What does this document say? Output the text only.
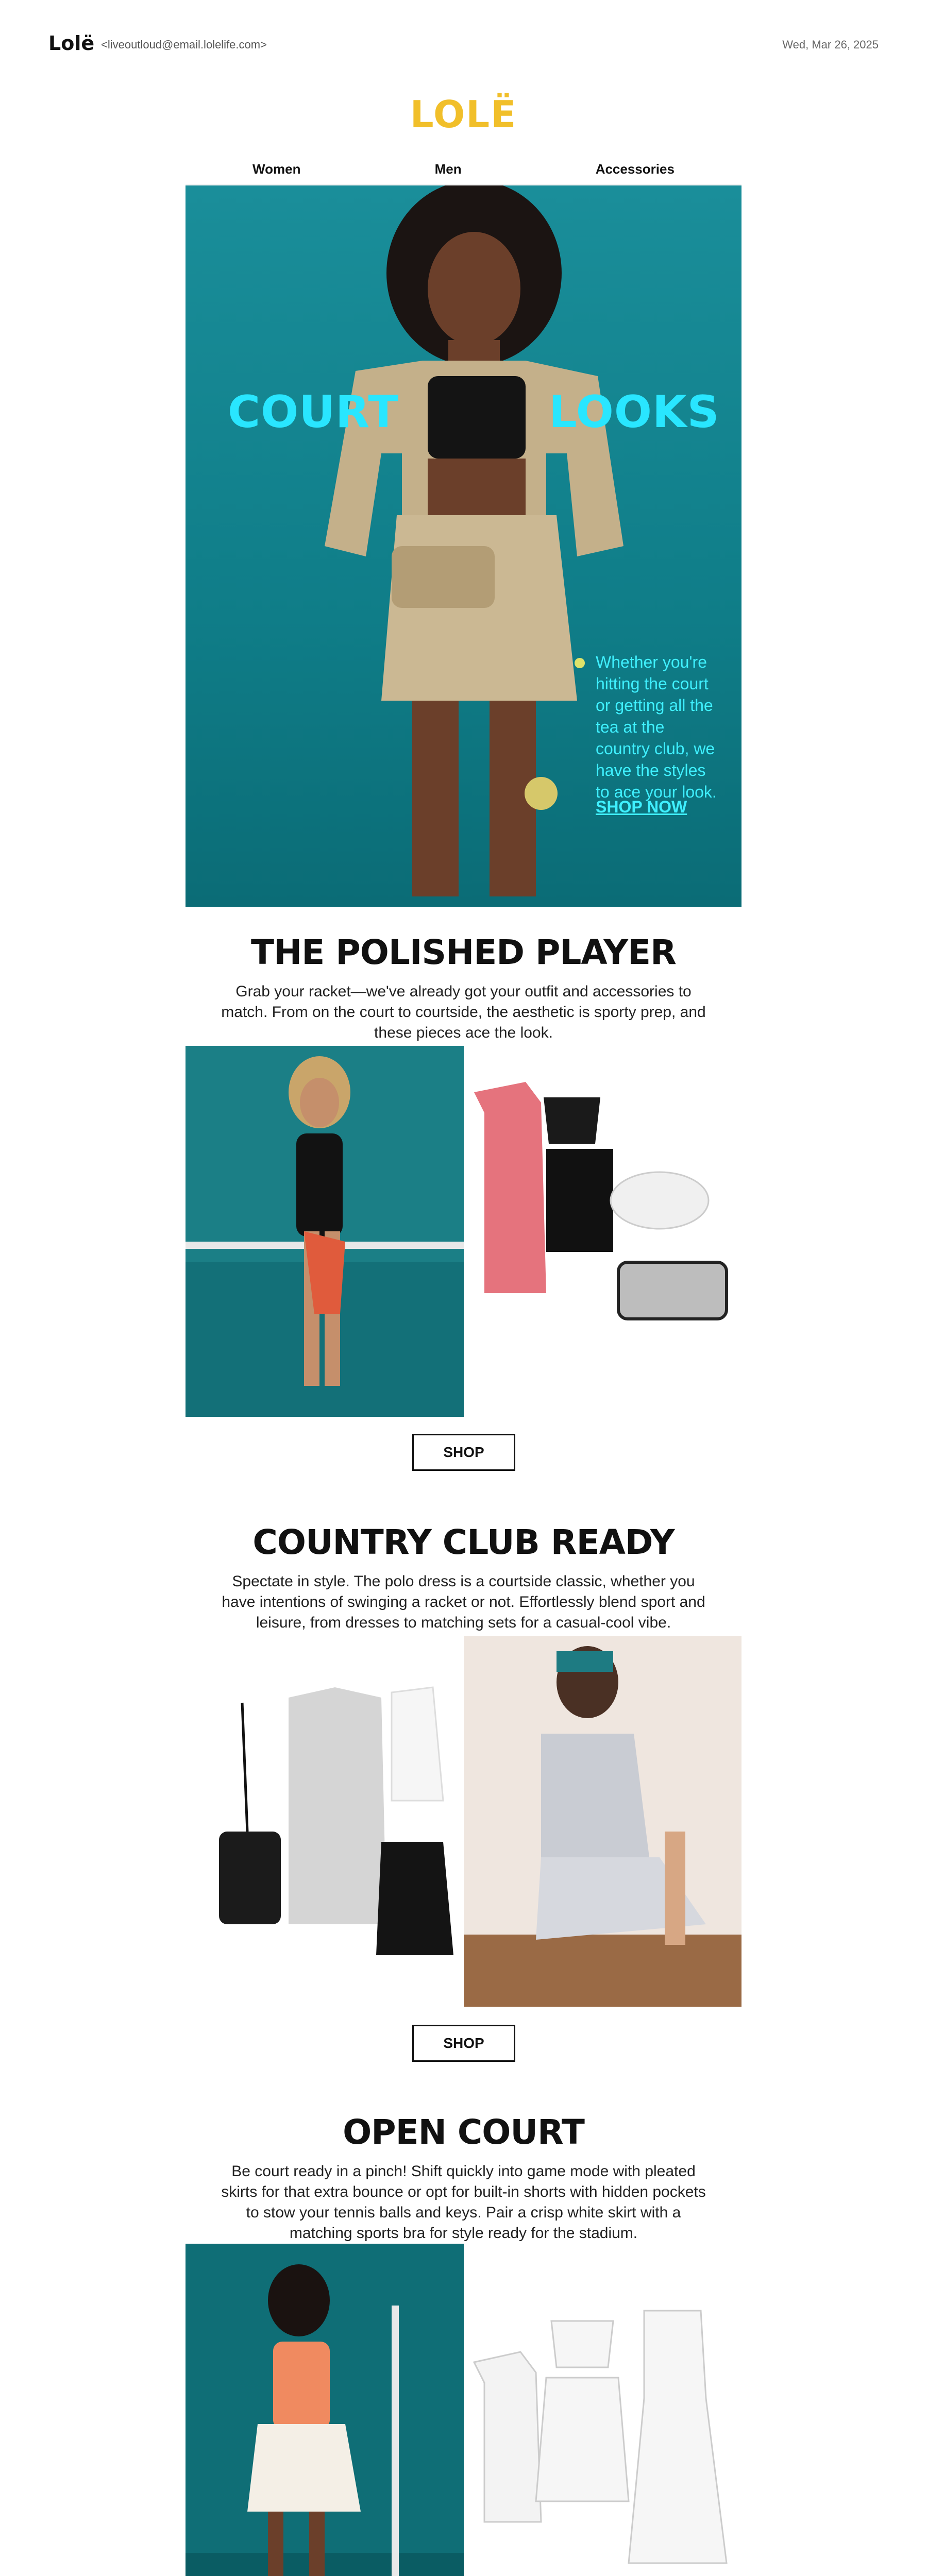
Lolë <liveoutloud@email.lolelife.com>	Wed, Mar 26, 2025
LOLË
Women	Men	Accessories
COURT	LOOKS
Whether you're hitting the court or getting all the tea at the country club, we have the styles to ace your look.
SHOP NOW
THE POLISHED PLAYER
Grab your racket—we've already got your outfit and accessories to match. From on the court to courtside, the aesthetic is sporty prep, and these pieces ace the look.
SHOP
COUNTRY CLUB READY
Spectate in style. The polo dress is a courtside classic, whether you have intentions of swinging a racket or not. Effortlessly blend sport and leisure, from dresses to matching sets for a casual-cool vibe.
SHOP
OPEN COURT
Be court ready in a pinch! Shift quickly into game mode with pleated skirts for that extra bounce or opt for built-in shorts with hidden pockets to stow your tennis balls and keys. Pair a crisp white skirt with a matching sports bra for style ready for the stadium.
